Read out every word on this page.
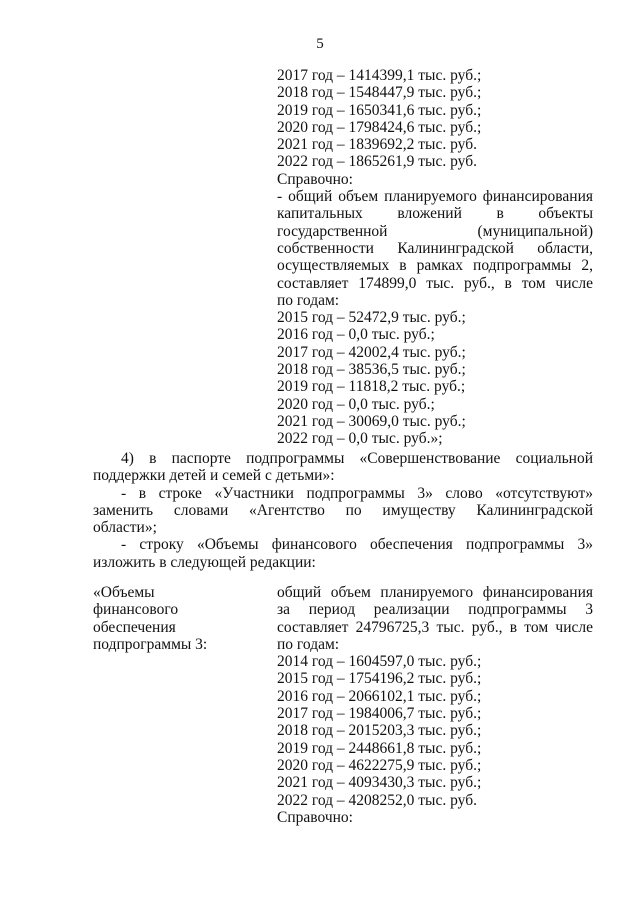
5
2017 год – 1414399,1 тыс. руб.;
2018 год – 1548447,9 тыс. руб.;
2019 год – 1650341,6 тыс. руб.;
2020 год – 1798424,6 тыс. руб.;
2021 год – 1839692,2 тыс. руб.
2022 год – 1865261,9 тыс. руб.
Справочно:
- общий объем планируемого финансирования
капитальных вложений в объекты
государственной (муниципальной)
собственности Калининградской области,
осуществляемых в рамках подпрограммы 2,
составляет 174899,0 тыс. руб., в том числе
по годам:
2015 год – 52472,9 тыс. руб.;
2016 год – 0,0 тыс. руб.;
2017 год – 42002,4 тыс. руб.;
2018 год – 38536,5 тыс. руб.;
2019 год – 11818,2 тыс. руб.;
2020 год – 0,0 тыс. руб.;
2021 год – 30069,0 тыс. руб.;
2022 год – 0,0 тыс. руб.»;
4) в паспорте подпрограммы «Совершенствование социальной
поддержки детей и семей с детьми»:
- в строке «Участники подпрограммы 3» слово «отсутствуют»
заменить словами «Агентство по имуществу Калининградской
области»;
- строку «Объемы финансового обеспечения подпрограммы 3»
изложить в следующей редакции:
«Объемы
финансового
обеспечения
подпрограммы 3:
общий объем планируемого финансирования
за период реализации подпрограммы 3
составляет 24796725,3 тыс. руб., в том числе
по годам:
2014 год – 1604597,0 тыс. руб.;
2015 год – 1754196,2 тыс. руб.;
2016 год – 2066102,1 тыс. руб.;
2017 год – 1984006,7 тыс. руб.;
2018 год – 2015203,3 тыс. руб.;
2019 год – 2448661,8 тыс. руб.;
2020 год – 4622275,9 тыс. руб.;
2021 год – 4093430,3 тыс. руб.;
2022 год – 4208252,0 тыс. руб.
Справочно:
